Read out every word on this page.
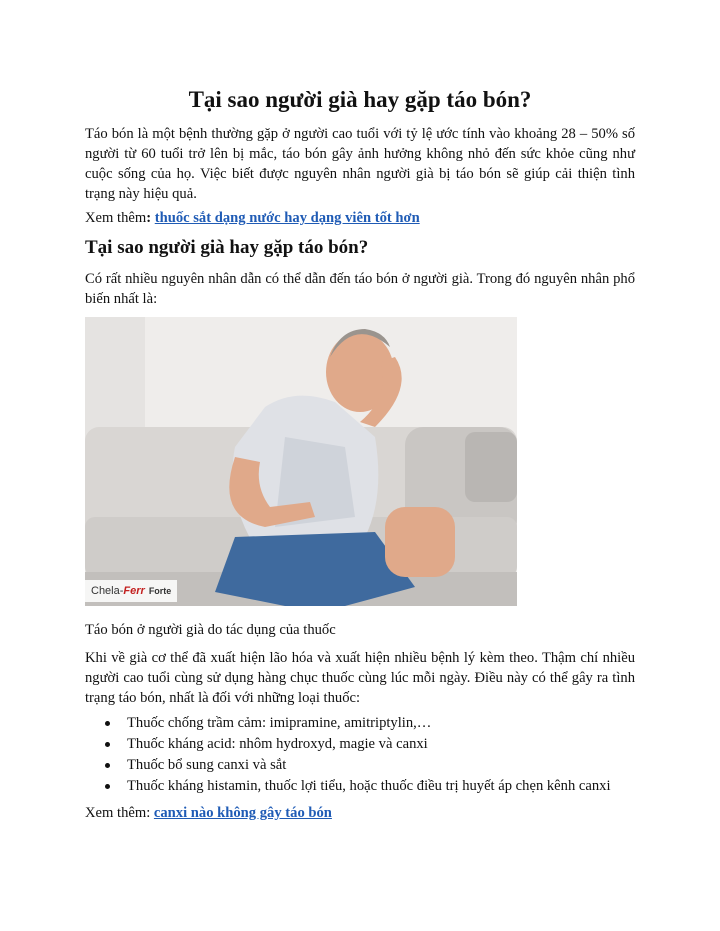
Tại sao người già hay gặp táo bón?

Táo bón là một bệnh thường gặp ở người cao tuổi với tỷ lệ ước tính vào khoảng 28 – 50% số người từ 60 tuổi trở lên bị mắc, táo bón gây ảnh hưởng không nhỏ đến sức khỏe cũng như cuộc sống của họ. Việc biết được nguyên nhân người già bị táo bón sẽ giúp cải thiện tình trạng này hiệu quả.

Xem thêm: thuốc sắt dạng nước hay dạng viên tốt hơn

Tại sao người già hay gặp táo bón?

Có rất nhiều nguyên nhân dẫn có thể dẫn đến táo bón ở người già. Trong đó nguyên nhân phổ biến nhất là:

Chela- Ferr Forte

Táo bón ở người già do tác dụng của thuốc

Khi về già cơ thể đã xuất hiện lão hóa và xuất hiện nhiều bệnh lý kèm theo. Thậm chí nhiều người cao tuổi cùng sử dụng hàng chục thuốc cùng lúc mỗi ngày. Điều này có thể gây ra tình trạng táo bón, nhất là đối với những loại thuốc:

Thuốc chống trầm cảm: imipramine, amitriptylin,…
Thuốc kháng acid: nhôm hydroxyd, magie và canxi
Thuốc bổ sung canxi và sắt
Thuốc kháng histamin, thuốc lợi tiểu, hoặc thuốc điều trị huyết áp chẹn kênh canxi

Xem thêm: canxi nào không gây táo bón
